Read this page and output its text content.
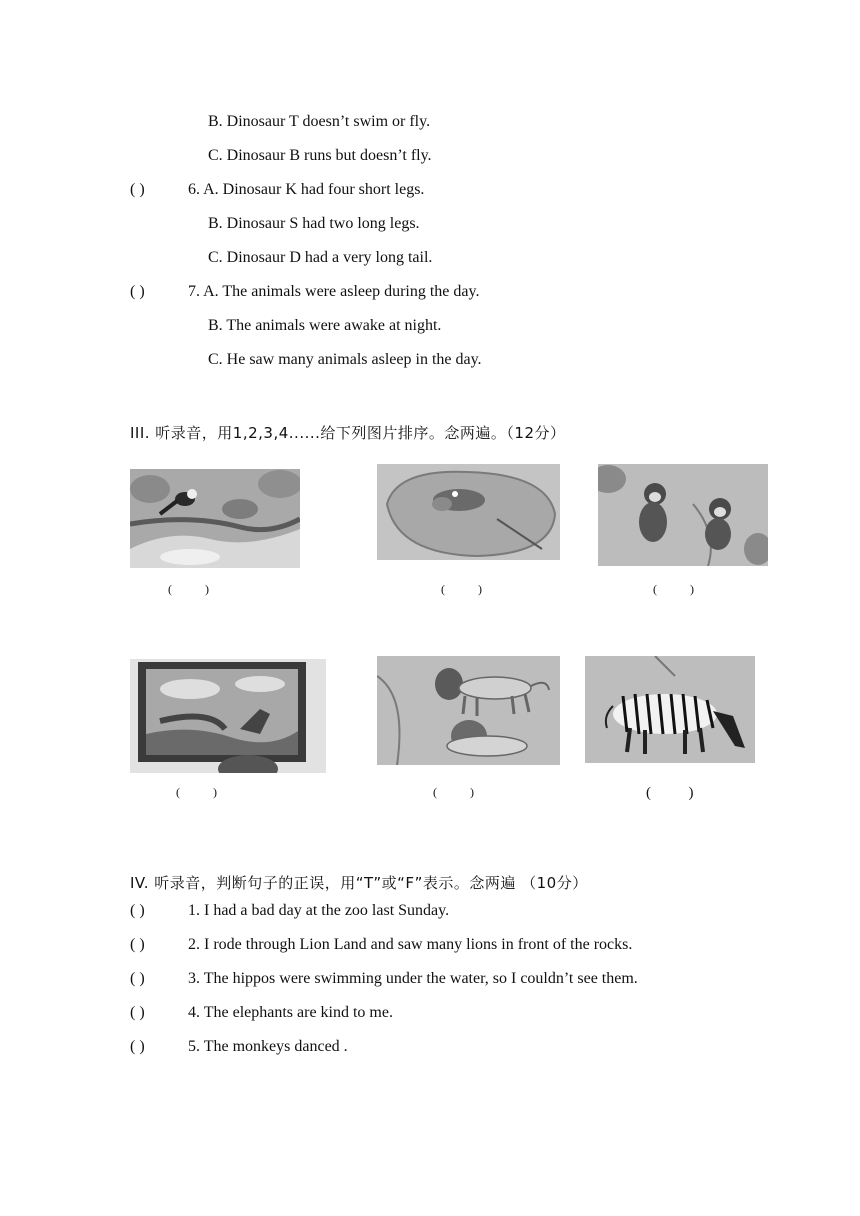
B. Dinosaur T doesn’t swim or fly.
C. Dinosaur B runs but doesn’t fly.
( )	6. A. Dinosaur K had four short legs.
B. Dinosaur S had two long legs.
C. Dinosaur D had a very long tail.
( )	7. A. The animals were asleep during the day.
B. The animals were awake at night.
C. He saw many animals asleep in the day.
III. 听录音，用1,2,3,4......给下列图片排序。念两遍。（12分）
(           )	(           )	(           )
(           )	(           )	(          )
IV. 听录音，判断句子的正误，用“T”或“F”表示。念两遍 （10分）
( )	1. I had a bad day at the zoo last Sunday.
( )	2. I rode through Lion Land and saw many lions in front of the rocks.
( )	3. The hippos were swimming under the water, so I couldn’t see them.
( )	4. The elephants are kind to me.
( )	5. The monkeys danced .
